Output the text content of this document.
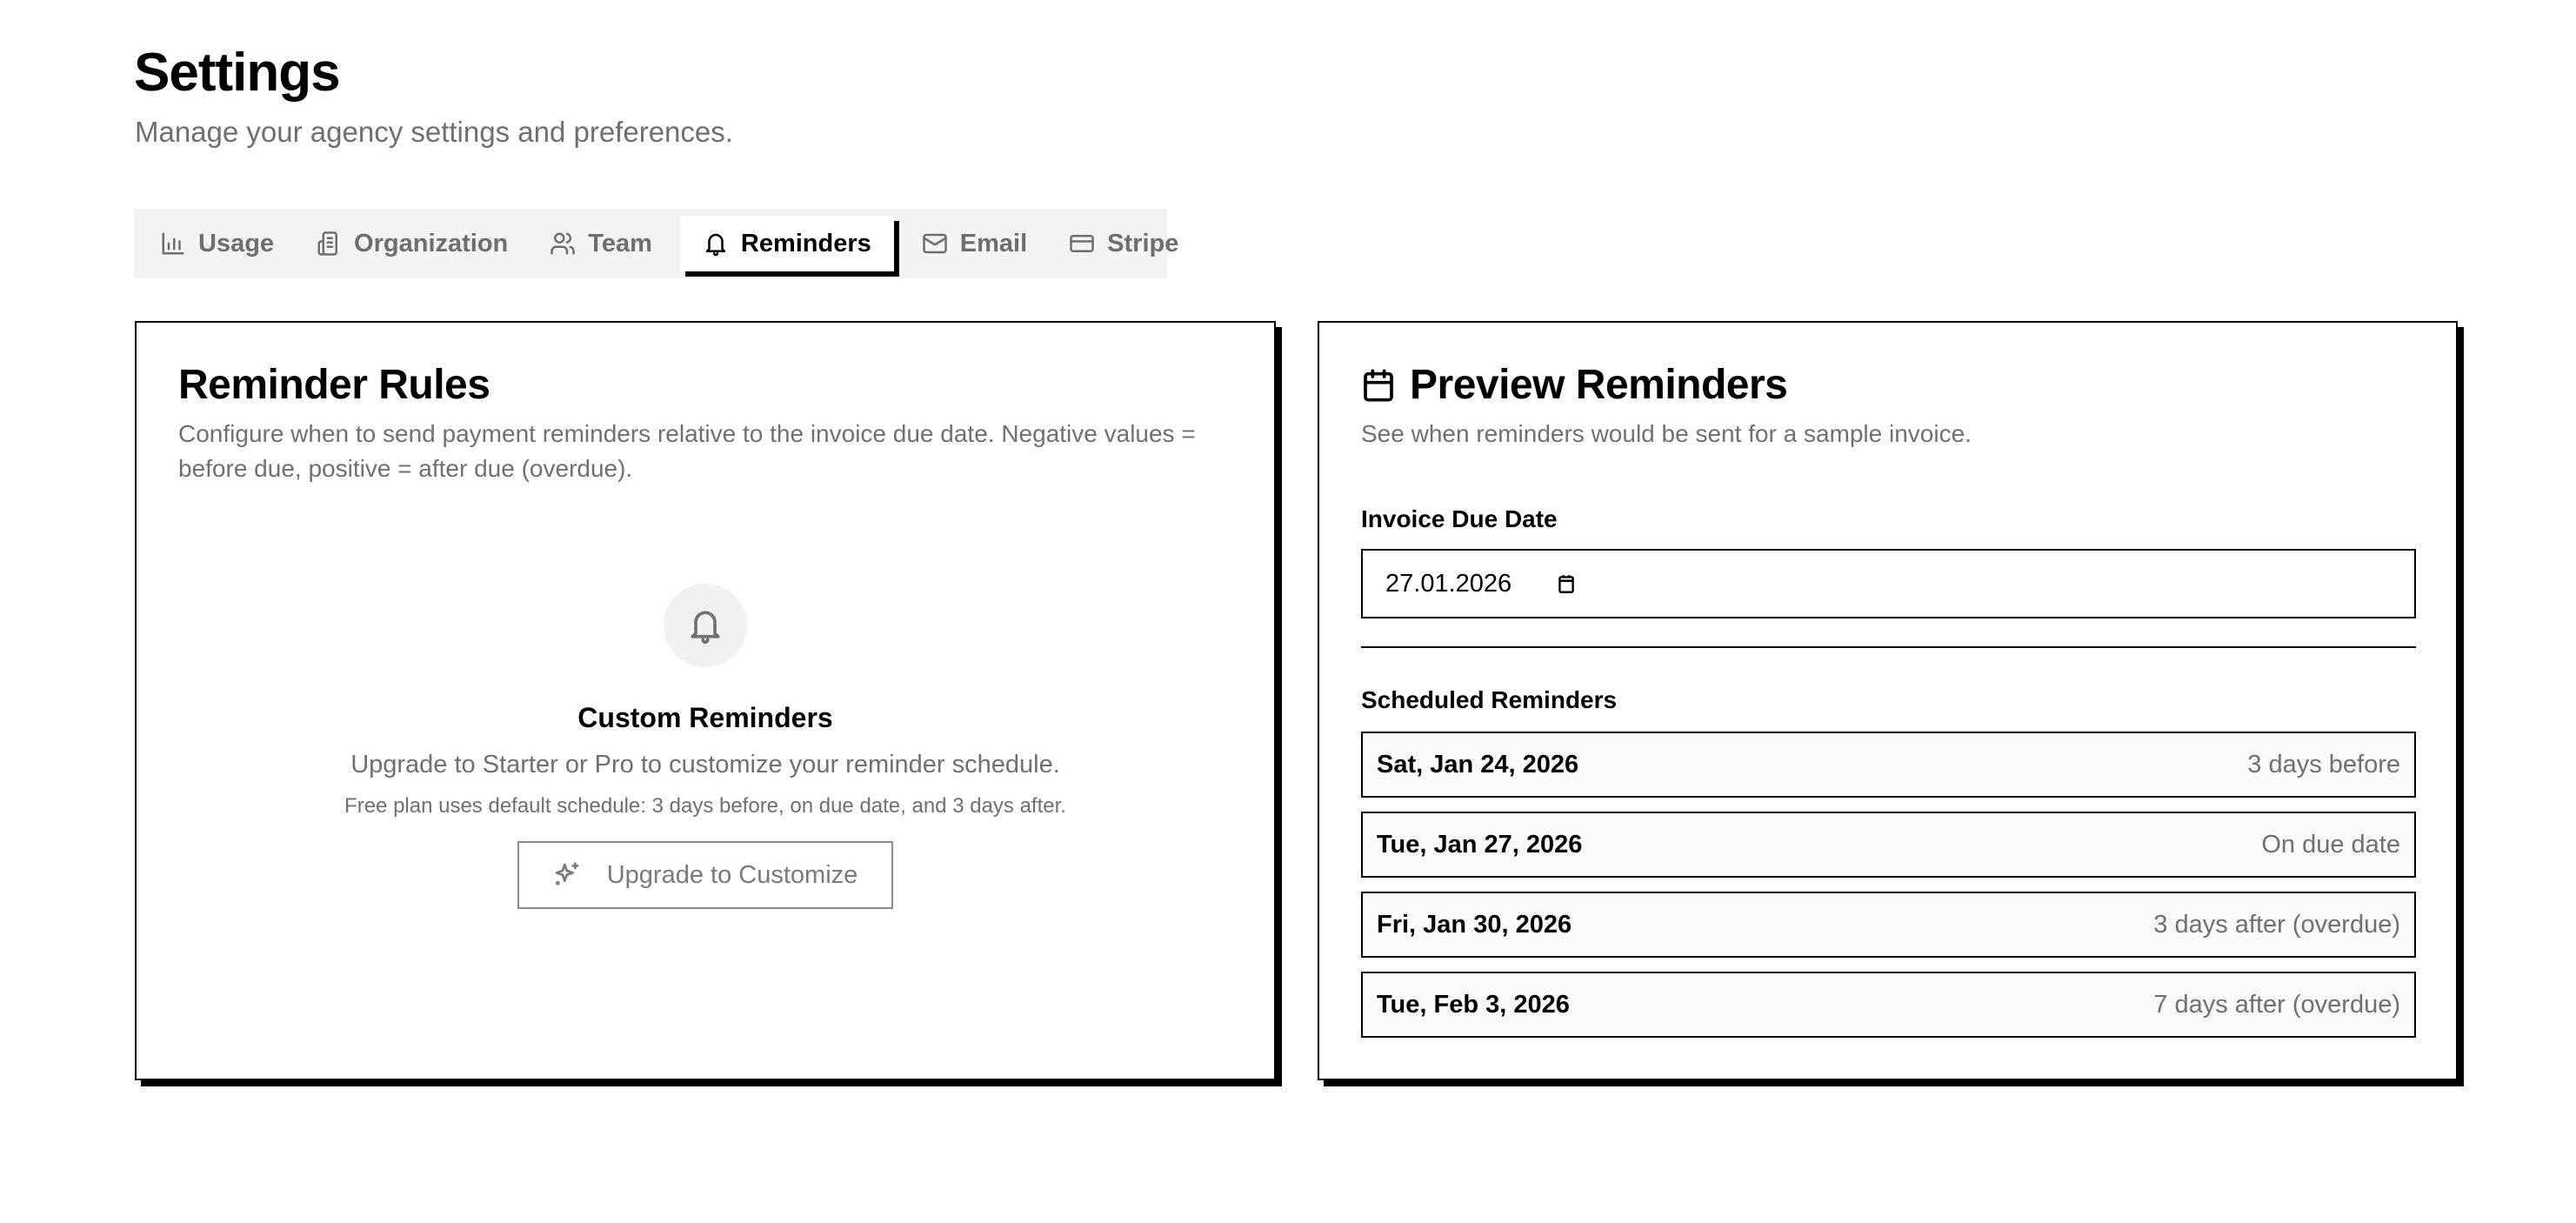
Settings

Manage your agency settings and preferences.

Usage	Organization	Team	Reminders	Email	Stripe
Reminder Rules

Configure when to send payment reminders relative to the invoice due date. Negative values = before due, positive = after due (overdue).

Custom Reminders
Upgrade to Starter or Pro to customize your reminder schedule.
Free plan uses default schedule: 3 days before, on due date, and 3 days after.
Upgrade to Customize
Preview Reminders

See when reminders would be sent for a sample invoice.

Invoice Due Date
27.01.2026
Scheduled Reminders
Sat, Jan 24, 2026	3 days before
Tue, Jan 27, 2026	On due date
Fri, Jan 30, 2026	3 days after (overdue)
Tue, Feb 3, 2026	7 days after (overdue)
